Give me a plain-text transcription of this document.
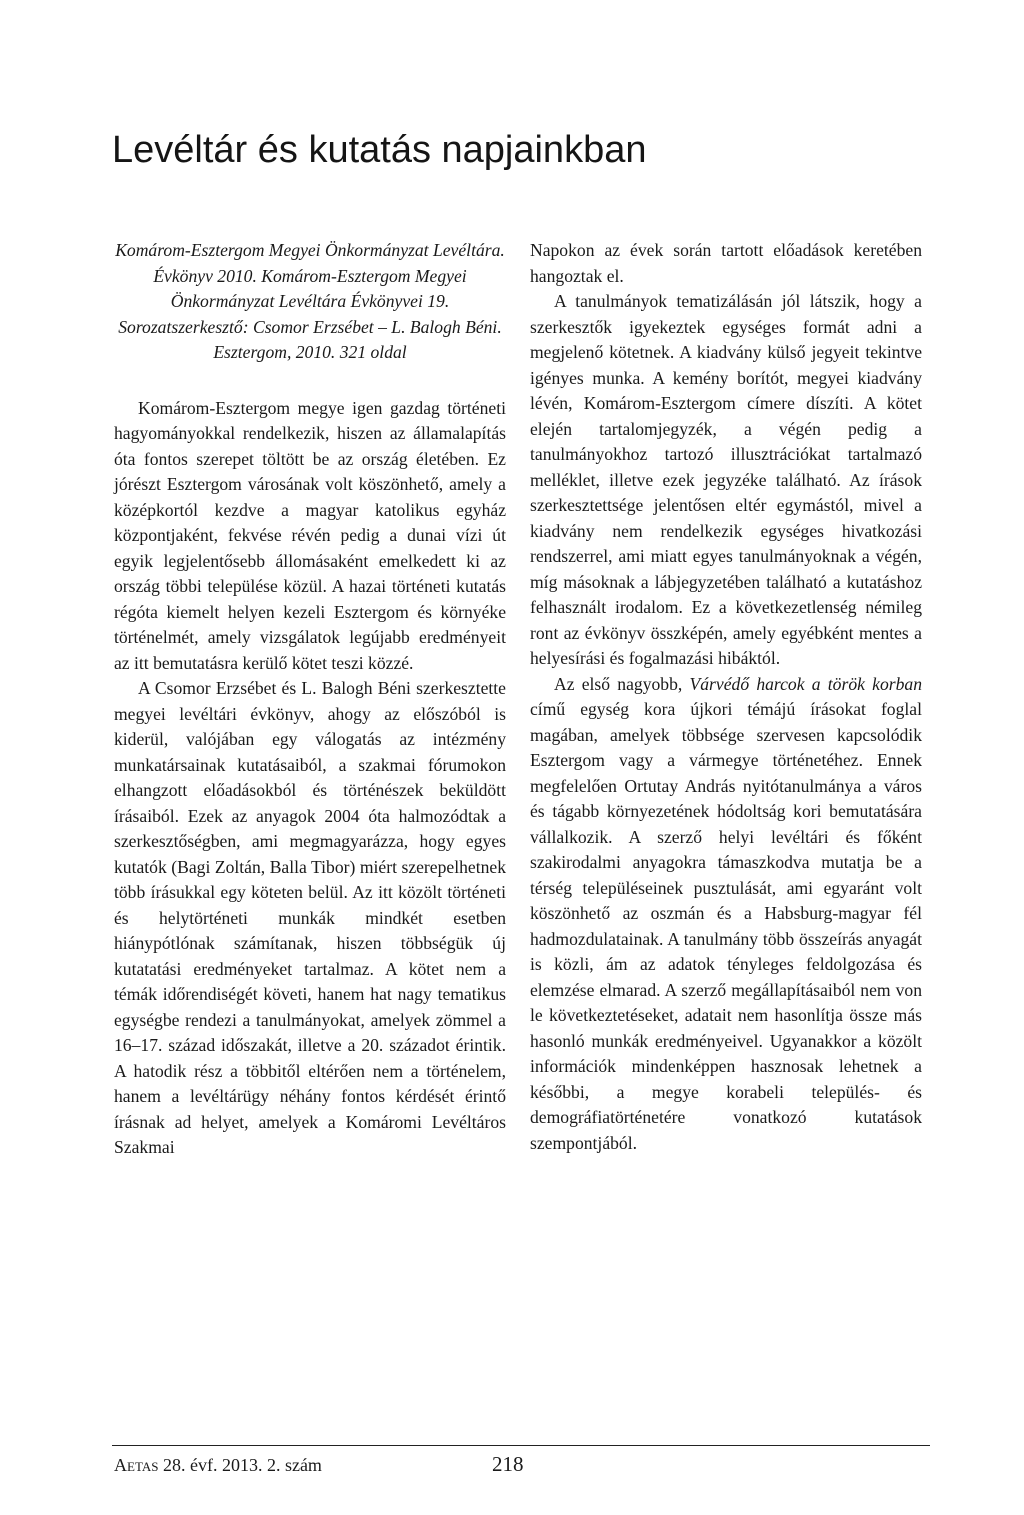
Levéltár és kutatás napjainkban
Komárom-Esztergom Megyei Önkormányzat Levéltára. Évkönyv 2010. Komárom-Esztergom Megyei Önkormányzat Levéltára Évkönyvei 19. Sorozatszerkesztő: Csomor Erzsébet – L. Balogh Béni. Esztergom, 2010. 321 oldal

Komárom-Esztergom megye igen gazdag történeti hagyományokkal rendelkezik, hiszen az államalapítás óta fontos szerepet töltött be az ország életében. Ez jórészt Esztergom városának volt köszönhető, amely a középkortól kezdve a magyar katolikus egyház központjaként, fekvése révén pedig a dunai vízi út egyik legjelentősebb állomásaként emelkedett ki az ország többi települése közül. A hazai történeti kutatás régóta kiemelt helyen kezeli Esztergom és környéke történelmét, amely vizsgálatok legújabb eredményeit az itt bemutatásra kerülő kötet teszi közzé.

A Csomor Erzsébet és L. Balogh Béni szerkesztette megyei levéltári évkönyv, ahogy az előszóból is kiderül, valójában egy válogatás az intézmény munkatársainak kutatásaiból, a szakmai fórumokon elhangzott előadásokból és történészek beküldött írásaiból. Ezek az anyagok 2004 óta halmozódtak a szerkesztőségben, ami megmagyarázza, hogy egyes kutatók (Bagi Zoltán, Balla Tibor) miért szerepelhetnek több írásukkal egy köteten belül. Az itt közölt történeti és helytörténeti munkák mindkét esetben hiánypótlónak számítanak, hiszen többségük új kutatatási eredményeket tartalmaz. A kötet nem a témák időrendiségét követi, hanem hat nagy tematikus egységbe rendezi a tanulmányokat, amelyek zömmel a 16–17. század időszakát, illetve a 20. századot érintik. A hatodik rész a többitől eltérően nem a történelem, hanem a levéltárügy néhány fontos kérdését érintő írásnak ad helyet, amelyek a Komáromi Levéltáros Szakmai

Napokon az évek során tartott előadások keretében hangoztak el.

A tanulmányok tematizálásán jól látszik, hogy a szerkesztők igyekeztek egységes formát adni a megjelenő kötetnek. A kiadvány külső jegyeit tekintve igényes munka. A kemény borítót, megyei kiadvány lévén, Komárom-Esztergom címere díszíti. A kötet elején tartalomjegyzék, a végén pedig a tanulmányokhoz tartozó illusztrációkat tartalmazó melléklet, illetve ezek jegyzéke található. Az írások szerkesztettsége jelentősen eltér egymástól, mivel a kiadvány nem rendelkezik egységes hivatkozási rendszerrel, ami miatt egyes tanulmányoknak a végén, míg másoknak a lábjegyzetében található a kutatáshoz felhasznált irodalom. Ez a következetlenség némileg ront az évkönyv összképén, amely egyébként mentes a helyesírási és fogalmazási hibáktól.

Az első nagyobb, Várvédő harcok a török korban című egység kora újkori témájú írásokat foglal magában, amelyek többsége szervesen kapcsolódik Esztergom vagy a vármegye történetéhez. Ennek megfelelően Ortutay András nyitótanulmánya a város és tágabb környezetének hódoltság kori bemutatására vállalkozik. A szerző helyi levéltári és főként szakirodalmi anyagokra támaszkodva mutatja be a térség településeinek pusztulását, ami egyaránt volt köszönhető az oszmán és a Habsburg-magyar fél hadmozdulatainak. A tanulmány több összeírás anyagát is közli, ám az adatok tényleges feldolgozása és elemzése elmarad. A szerző megállapításaiból nem von le következtetéseket, adatait nem hasonlítja össze más hasonló munkák eredményeivel. Ugyanakkor a közölt információk mindenképpen hasznosak lehetnek a későbbi, a megye korabeli település- és demográfiatörténetére vonatkozó kutatások szempontjából.

Aetas 28. évf. 2013. 2. szám	218
